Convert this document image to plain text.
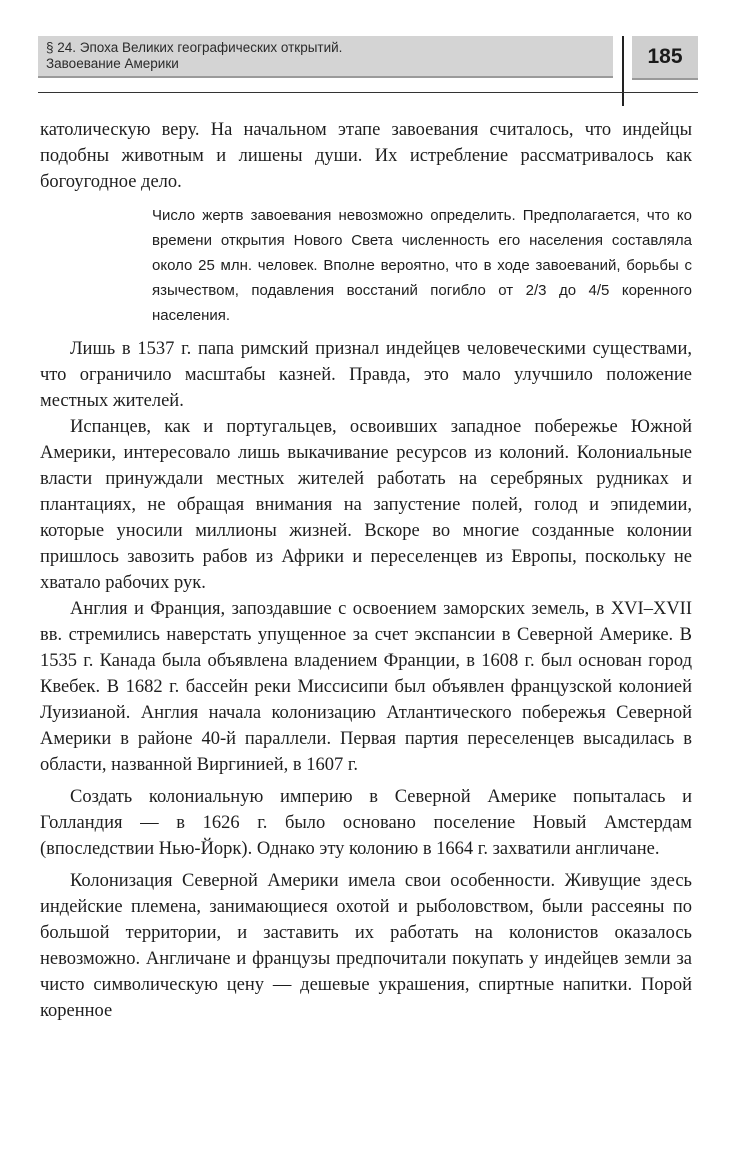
§ 24. Эпоха Великих географических открытий.
Завоевание Америки	185

католическую веру. На начальном этапе завоевания считалось, что индейцы подобны животным и лишены души. Их истребление рассматривалось как богоугодное дело.

Число жертв завоевания невозможно определить. Предполагается, что ко времени открытия Нового Света численность его населения составляла около 25 млн. человек. Вполне вероятно, что в ходе завоеваний, борьбы с язычеством, подавления восстаний погибло от 2/3 до 4/5 коренного населения.

Лишь в 1537 г. папа римский признал индейцев человеческими существами, что ограничило масштабы казней. Правда, это мало улучшило положение местных жителей.

Испанцев, как и португальцев, освоивших западное побережье Южной Америки, интересовало лишь выкачивание ресурсов из колоний. Колониальные власти принуждали местных жителей работать на серебряных рудниках и плантациях, не обращая внимания на запустение полей, голод и эпидемии, которые уносили миллионы жизней. Вскоре во многие созданные колонии пришлось завозить рабов из Африки и переселенцев из Европы, поскольку не хватало рабочих рук.

Англия и Франция, запоздавшие с освоением заморских земель, в XVI–XVII вв. стремились наверстать упущенное за счет экспансии в Северной Америке. В 1535 г. Канада была объявлена владением Франции, в 1608 г. был основан город Квебек. В 1682 г. бассейн реки Миссисипи был объявлен французской колонией Луизианой. Англия начала колонизацию Атлантического побережья Северной Америки в районе 40-й параллели. Первая партия переселенцев высадилась в области, названной Виргинией, в 1607 г.

Создать колониальную империю в Северной Америке попыталась и Голландия — в 1626 г. было основано поселение Новый Амстердам (впоследствии Нью-Йорк). Однако эту колонию в 1664 г. захватили англичане.

Колонизация Северной Америки имела свои особенности. Живущие здесь индейские племена, занимающиеся охотой и рыболовством, были рассеяны по большой территории, и заставить их работать на колонистов оказалось невозможно. Англичане и французы предпочитали покупать у индейцев земли за чисто символическую цену — дешевые украшения, спиртные напитки. Порой коренное
